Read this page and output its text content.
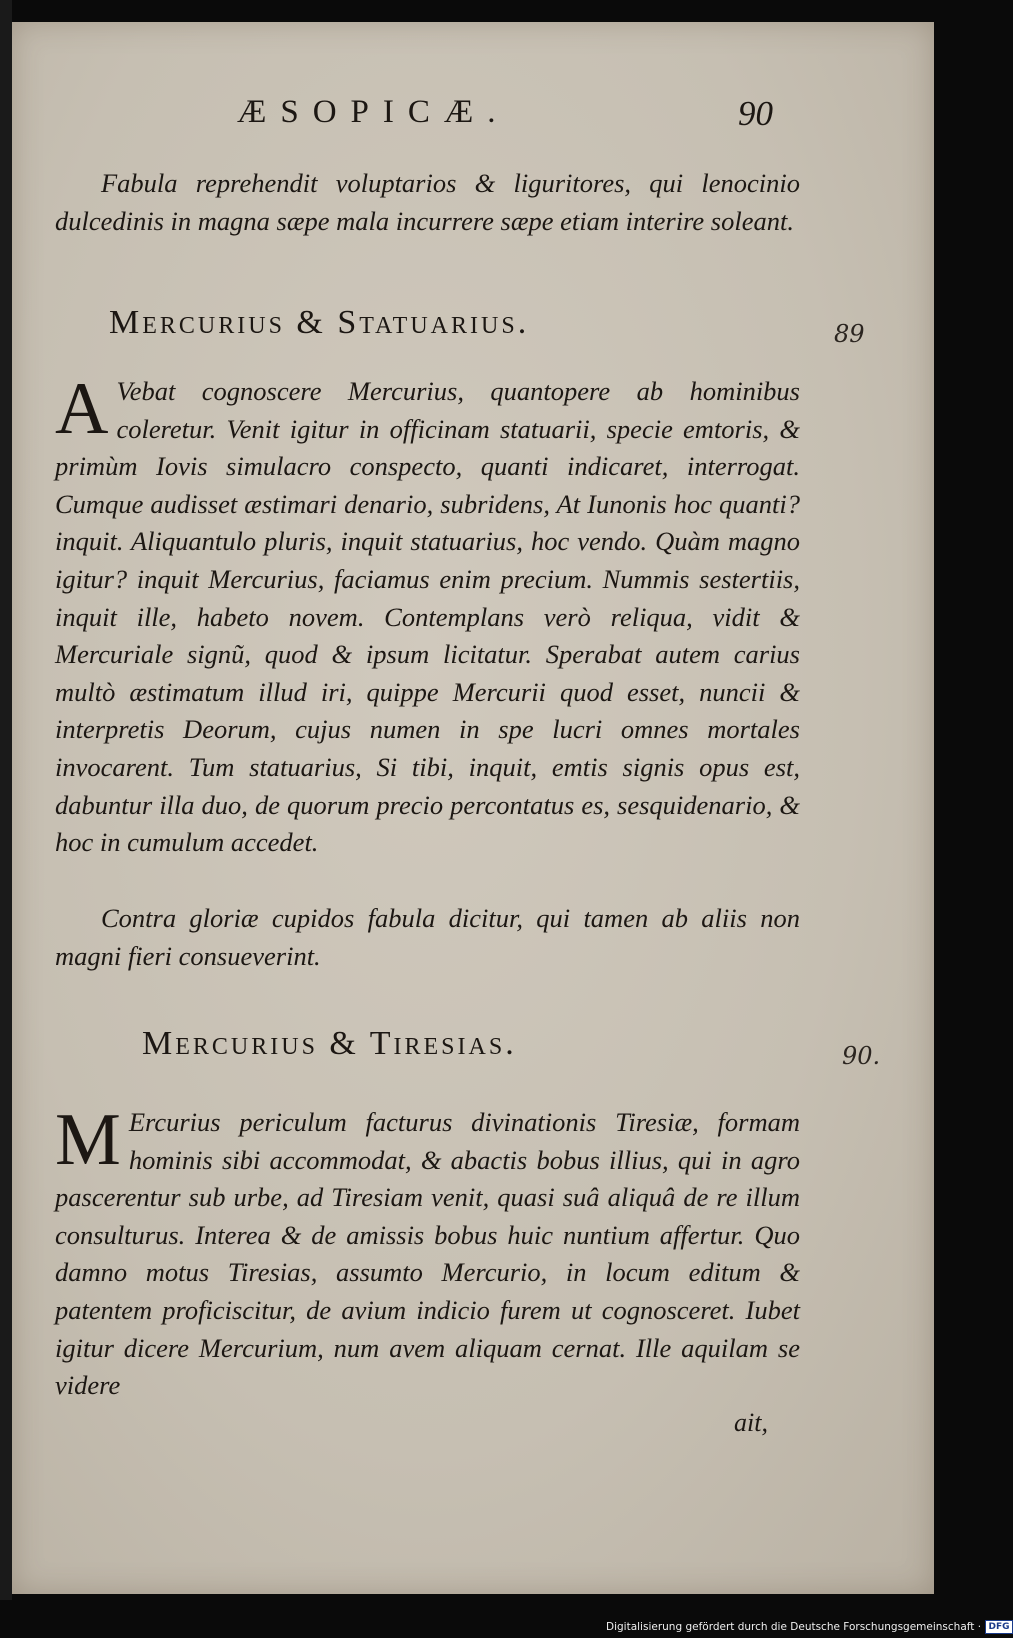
ÆSOPICÆ.	90
Fabula reprehendit voluptarios & liguritores, qui lenocinio dulcedinis in magna sæpe mala incurrere sæpe etiam interire soleant.
Mercurius & Statuarius.	89
A Vebat cognoscere Mercurius, quantopere ab hominibus coleretur. Venit igitur in officinam statuarii, specie emtoris, & primùm Iovis simulacro conspecto, quanti indicaret, interrogat. Cumque audisset æstimari denario, subridens, At Iunonis hoc quanti? inquit. Aliquantulo pluris, inquit statuarius, hoc vendo. Quàm magno igitur? inquit Mercurius, faciamus enim precium. Nummis sestertiis, inquit ille, habeto novem. Contemplans verò reliqua, vidit & Mercuriale signũ, quod & ipsum licitatur. Sperabat autem carius multò æstimatum illud iri, quippe Mercurii quod esset, nuncii & interpretis Deorum, cujus numen in spe lucri omnes mortales invocarent. Tum statuarius, Si tibi, inquit, emtis signis opus est, dabuntur illa duo, de quorum precio percontatus es, sesquidenario, & hoc in cumulum accedet.
Contra gloriæ cupidos fabula dicitur, qui tamen ab aliis non magni fieri consueverint.
Mercurius & Tiresias.	90.
M Ercurius periculum facturus divinationis Tiresiæ, formam hominis sibi accommodat, & abactis bobus illius, qui in agro pascerentur sub urbe, ad Tiresiam venit, quasi suâ aliquâ de re illum consulturus. Interea & de amissis bobus huic nuntium affertur. Quo damno motus Tiresias, assumto Mercurio, in locum editum & patentem proficiscitur, de avium indicio furem ut cognosceret. Iubet igitur dicere Mercurium, num avem aliquam cernat. Ille aquilam se videre
ait,
Digitalisierung gefördert durch die Deutsche Forschungsgemeinschaft · DFG
